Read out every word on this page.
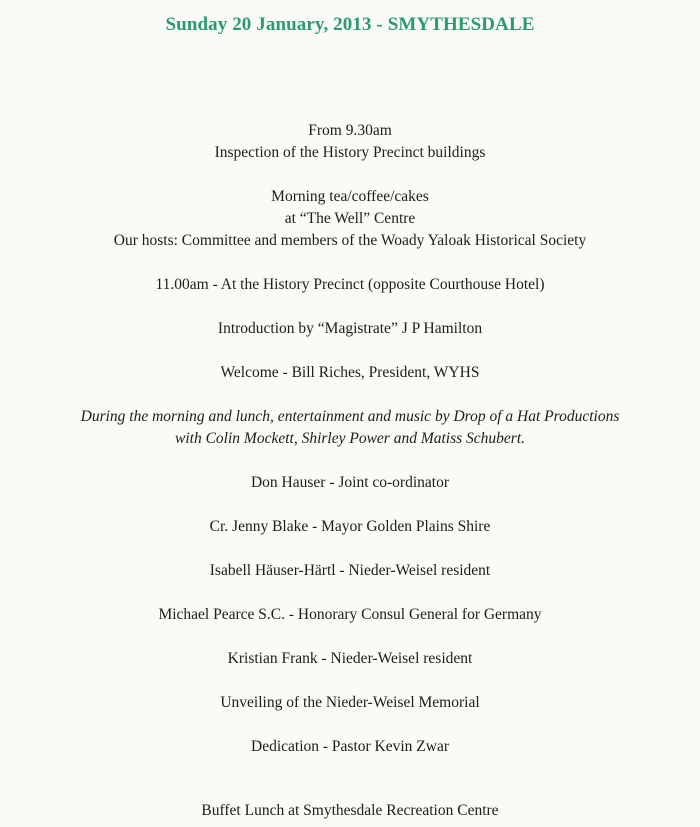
Sunday 20 January, 2013 - SMYTHESDALE
From 9.30am
Inspection of the History Precinct buildings
Morning tea/coffee/cakes
at “The Well” Centre
Our hosts: Committee and members of the Woady Yaloak Historical Society
11.00am - At the History Precinct (opposite Courthouse Hotel)
Introduction by “Magistrate” J P Hamilton
Welcome - Bill Riches, President, WYHS
During the morning and lunch, entertainment and music by Drop of a Hat Productions
with Colin Mockett, Shirley Power and Matiss Schubert.
Don Hauser - Joint co-ordinator
Cr. Jenny Blake - Mayor Golden Plains Shire
Isabell Häuser-Härtl - Nieder-Weisel resident
Michael Pearce S.C. - Honorary Consul General for Germany
Kristian Frank - Nieder-Weisel resident
Unveiling of the Nieder-Weisel Memorial
Dedication - Pastor Kevin Zwar
Buffet Lunch at Smythesdale Recreation Centre
